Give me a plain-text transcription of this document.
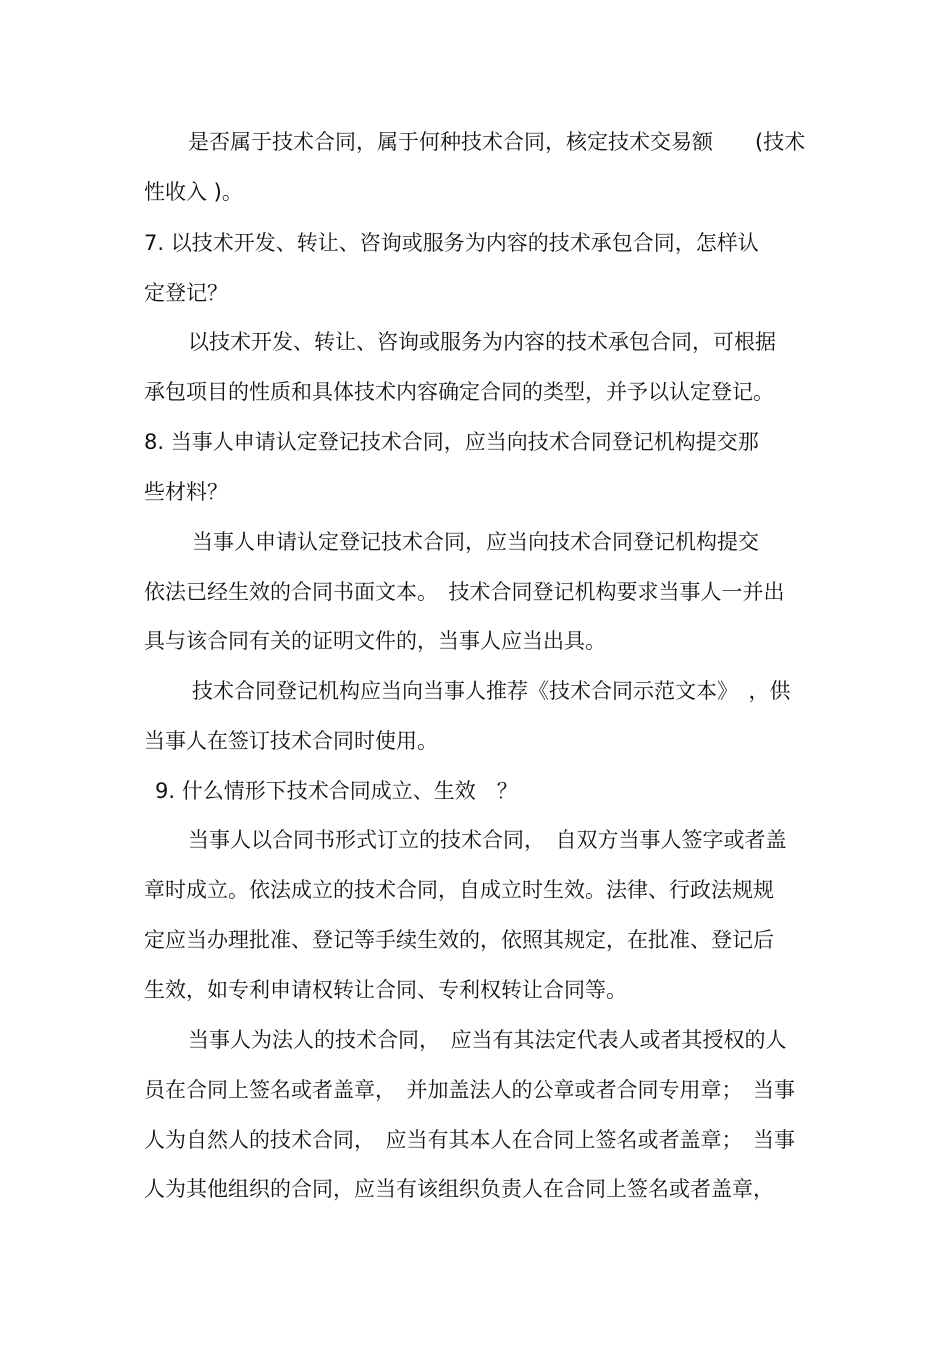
是否属于技术合同，属于何种技术合同，核定技术交易额　　(技术
性收入 )。
7. 以技术开发、转让、咨询或服务为内容的技术承包合同，怎样认
定登记？
以技术开发、转让、咨询或服务为内容的技术承包合同，可根据
承包项目的性质和具体技术内容确定合同的类型，并予以认定登记。
8. 当事人申请认定登记技术合同，应当向技术合同登记机构提交那
些材料？
当事人申请认定登记技术合同，应当向技术合同登记机构提交
依法已经生效的合同书面文本。　技术合同登记机构要求当事人一并出
具与该合同有关的证明文件的，当事人应当出具。
技术合同登记机构应当向当事人推荐《技术合同示范文本》　，供
当事人在签订技术合同时使用。
9. 什么情形下技术合同成立、生效　？
当事人以合同书形式订立的技术合同，　自双方当事人签字或者盖
章时成立。依法成立的技术合同，自成立时生效。法律、行政法规规
定应当办理批准、登记等手续生效的，依照其规定，在批准、登记后
生效，如专利申请权转让合同、专利权转让合同等。
当事人为法人的技术合同，　应当有其法定代表人或者其授权的人
员在合同上签名或者盖章，　并加盖法人的公章或者合同专用章；　当事
人为自然人的技术合同，　应当有其本人在合同上签名或者盖章；　当事
人为其他组织的合同，应当有该组织负责人在合同上签名或者盖章，
